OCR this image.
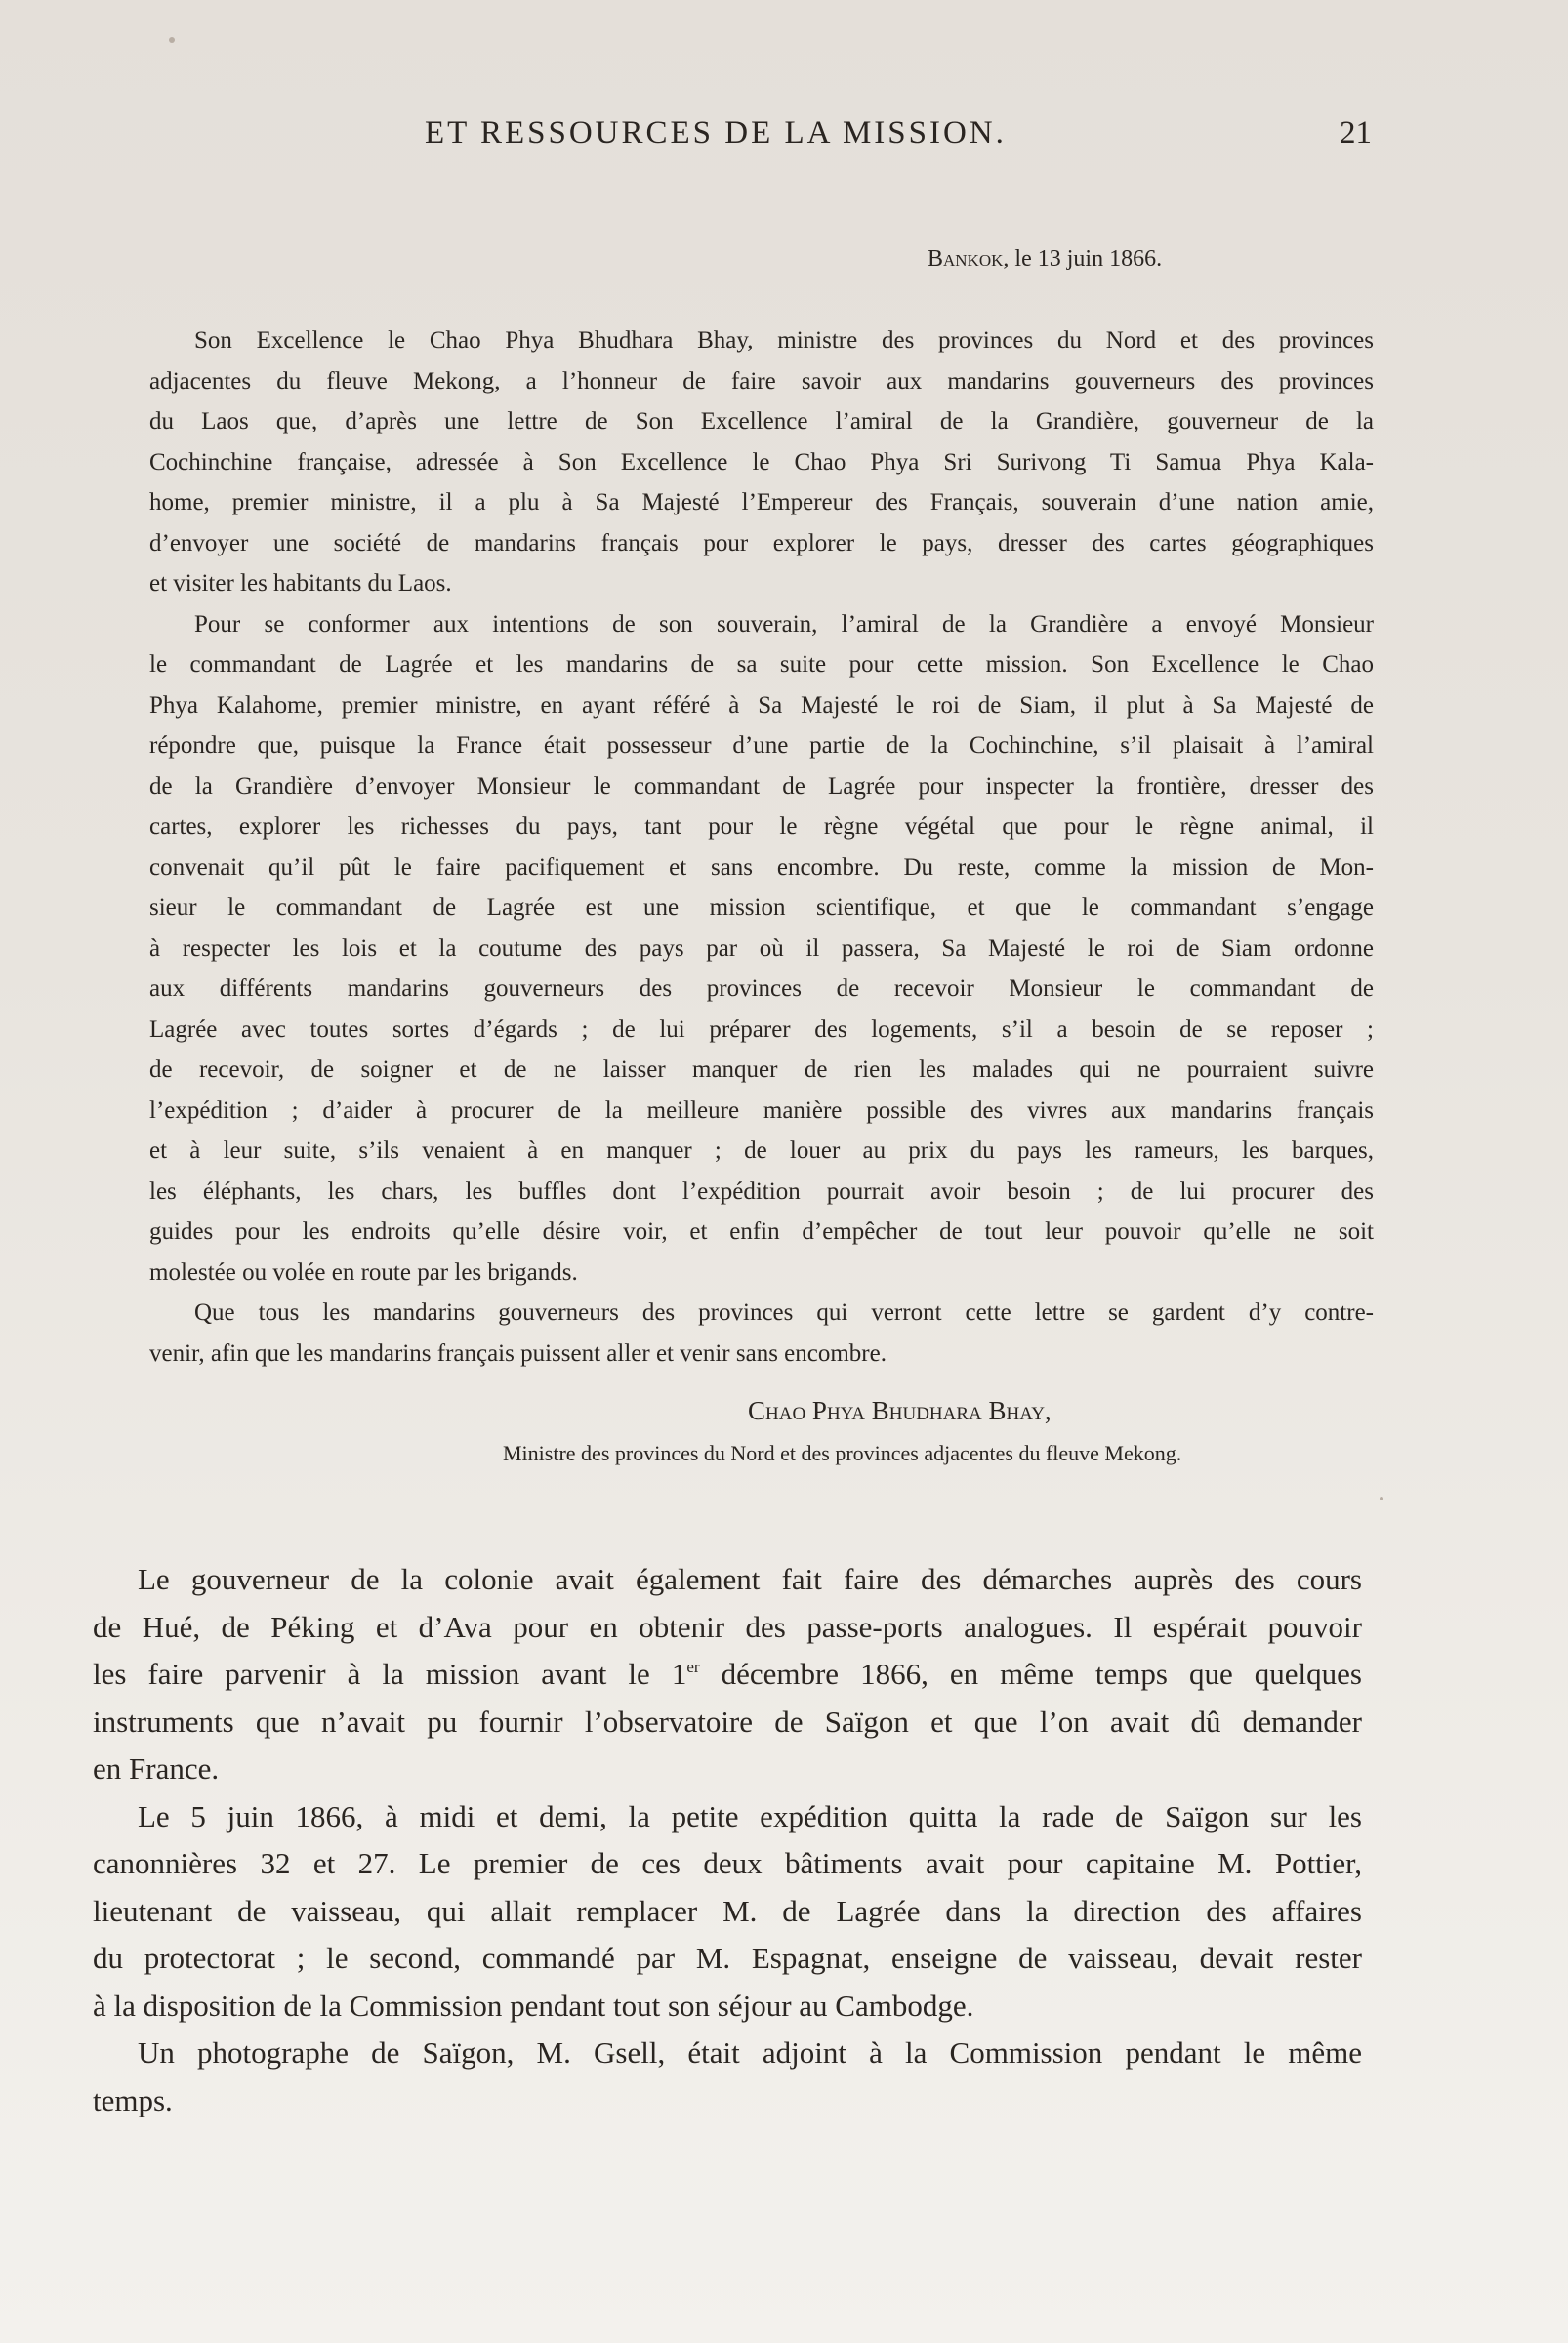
ET RESSOURCES DE LA MISSION.	21
Bankok, le 13 juin 1866.
Son Excellence le Chao Phya Bhudhara Bhay, ministre des provinces du Nord et des provinces
adjacentes du fleuve Mekong, a l’honneur de faire savoir aux mandarins gouverneurs des provinces
du Laos que, d’après une lettre de Son Excellence l’amiral de la Grandière, gouverneur de la
Cochinchine française, adressée à Son Excellence le Chao Phya Sri Surivong Ti Samua Phya Kala-
home, premier ministre, il a plu à Sa Majesté l’Empereur des Français, souverain d’une nation amie,
d’envoyer une société de mandarins français pour explorer le pays, dresser des cartes géographiques
et visiter les habitants du Laos.
Pour se conformer aux intentions de son souverain, l’amiral de la Grandière a envoyé Monsieur
le commandant de Lagrée et les mandarins de sa suite pour cette mission. Son Excellence le Chao
Phya Kalahome, premier ministre, en ayant référé à Sa Majesté le roi de Siam, il plut à Sa Majesté de
répondre que, puisque la France était possesseur d’une partie de la Cochinchine, s’il plaisait à l’amiral
de la Grandière d’envoyer Monsieur le commandant de Lagrée pour inspecter la frontière, dresser des
cartes, explorer les richesses du pays, tant pour le règne végétal que pour le règne animal, il
convenait qu’il pût le faire pacifiquement et sans encombre. Du reste, comme la mission de Mon-
sieur le commandant de Lagrée est une mission scientifique, et que le commandant s’engage
à respecter les lois et la coutume des pays par où il passera, Sa Majesté le roi de Siam ordonne
aux différents mandarins gouverneurs des provinces de recevoir Monsieur le commandant de
Lagrée avec toutes sortes d’égards ; de lui préparer des logements, s’il a besoin de se reposer ;
de recevoir, de soigner et de ne laisser manquer de rien les malades qui ne pourraient suivre
l’expédition ; d’aider à procurer de la meilleure manière possible des vivres aux mandarins français
et à leur suite, s’ils venaient à en manquer ; de louer au prix du pays les rameurs, les barques,
les éléphants, les chars, les buffles dont l’expédition pourrait avoir besoin ; de lui procurer des
guides pour les endroits qu’elle désire voir, et enfin d’empêcher de tout leur pouvoir qu’elle ne soit
molestée ou volée en route par les brigands.
Que tous les mandarins gouverneurs des provinces qui verront cette lettre se gardent d’y contre-
venir, afin que les mandarins français puissent aller et venir sans encombre.
Chao Phya Bhudhara Bhay,
Ministre des provinces du Nord et des provinces adjacentes du fleuve Mekong.
Le gouverneur de la colonie avait également fait faire des démarches auprès des cours
de Hué, de Péking et d’Ava pour en obtenir des passe-ports analogues. Il espérait pouvoir
les faire parvenir à la mission avant le 1er décembre 1866, en même temps que quelques
instruments que n’avait pu fournir l’observatoire de Saïgon et que l’on avait dû demander
en France.
Le 5 juin 1866, à midi et demi, la petite expédition quitta la rade de Saïgon sur les
canonnières 32 et 27. Le premier de ces deux bâtiments avait pour capitaine M. Pottier,
lieutenant de vaisseau, qui allait remplacer M. de Lagrée dans la direction des affaires
du protectorat ; le second, commandé par M. Espagnat, enseigne de vaisseau, devait rester
à la disposition de la Commission pendant tout son séjour au Cambodge.
Un photographe de Saïgon, M. Gsell, était adjoint à la Commission pendant le même
temps.
